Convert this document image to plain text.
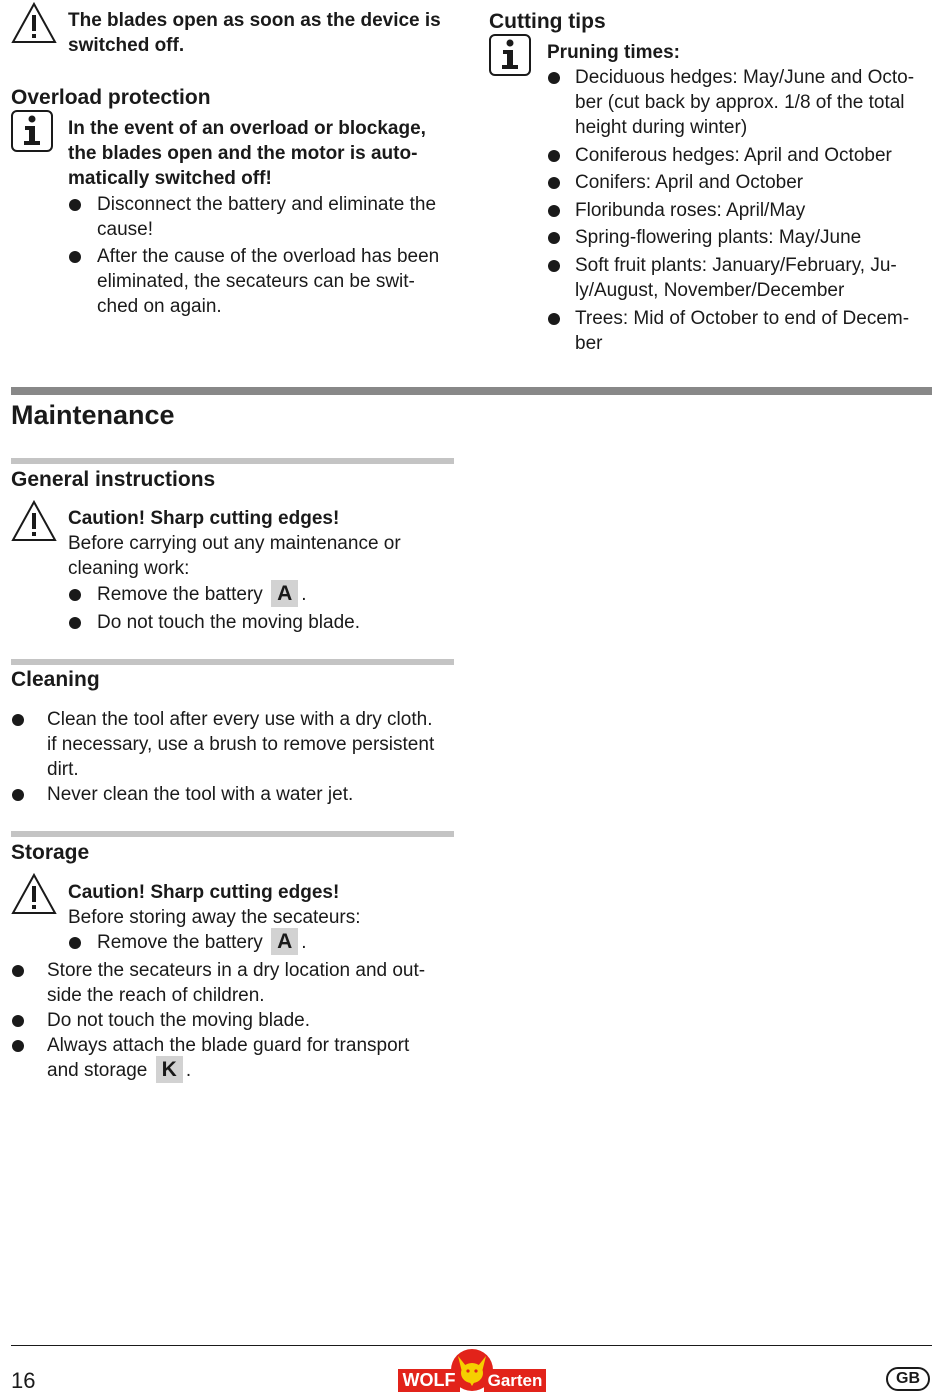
The blades open as soon as the device is
switched off.
Overload protection
In the event of an overload or blockage,
the blades open and the motor is auto-
matically switched off!
Disconnect the battery and eliminate the
cause!
After the cause of the overload has been
eliminated, the secateurs can be swit-
ched on again.
Cutting tips
Pruning times:
Deciduous hedges: May/June and Octo-
ber (cut back by approx. 1/8 of the total
height during winter)
Coniferous hedges: April and October
Conifers: April and October
Floribunda roses: April/May
Spring-flowering plants: May/June
Soft fruit plants: January/February, Ju-
ly/August, November/December
Trees: Mid of October to end of Decem-
ber
Maintenance
General instructions
Caution! Sharp cutting edges!
Before carrying out any maintenance or
cleaning work:
Remove the battery A .
Do not touch the moving blade.
Cleaning
Clean the tool after every use with a dry cloth.
if necessary, use a brush to remove persistent
dirt.
Never clean the tool with a water jet.
Storage
Caution! Sharp cutting edges!
Before storing away the secateurs:
Remove the battery A .
Store the secateurs in a dry location and out-
side the reach of children.
Do not touch the moving blade.
Always attach the blade guard for transport
and storage K .
16	WOLF Garten	GB
